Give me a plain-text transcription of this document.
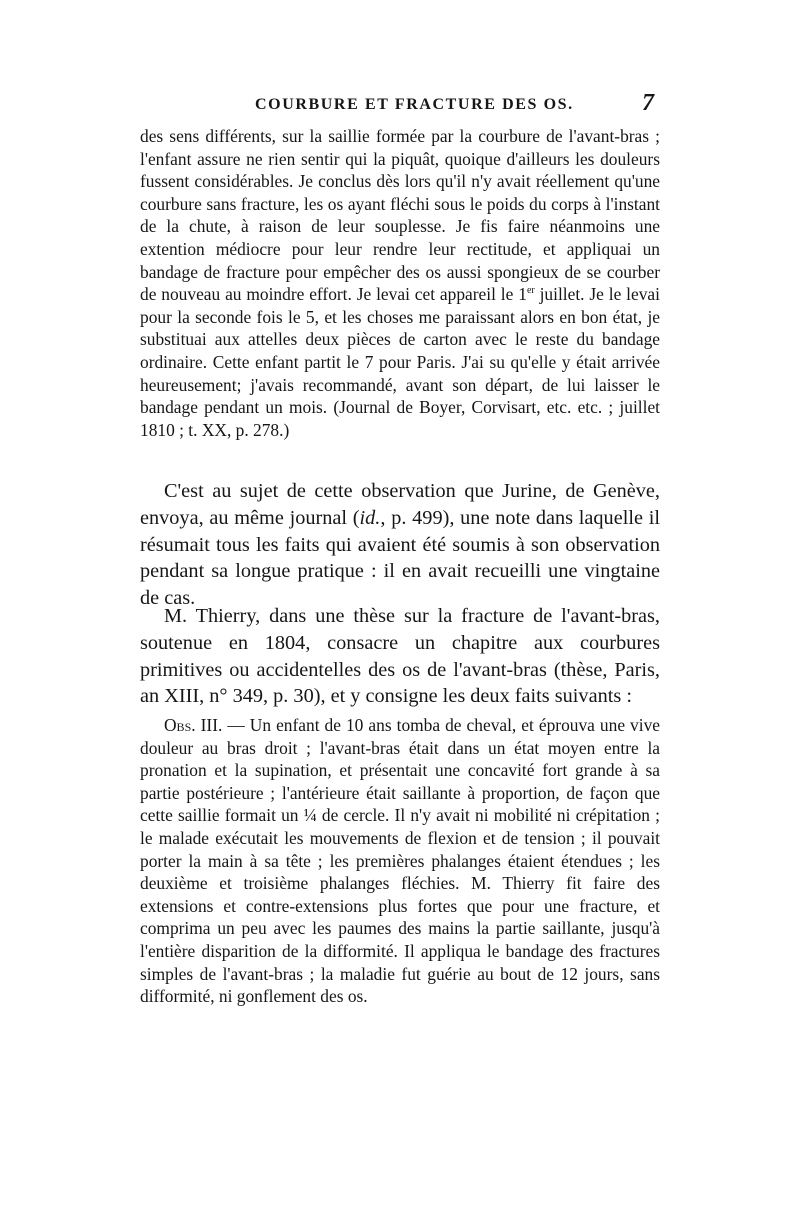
COURBURE ET FRACTURE DES OS.	7

des sens différents, sur la saillie formée par la courbure de l'avant-bras ; l'enfant assure ne rien sentir qui la piquât, quoique d'ailleurs les douleurs fussent considérables. Je conclus dès lors qu'il n'y avait réellement qu'une courbure sans fracture, les os ayant fléchi sous le poids du corps à l'instant de la chute, à raison de leur souplesse. Je fis faire néanmoins une extention médiocre pour leur rendre leur rectitude, et appliquai un bandage de fracture pour empêcher des os aussi spongieux de se courber de nouveau au moindre effort. Je levai cet appareil le 1er juillet. Je le levai pour la seconde fois le 5, et les choses me paraissant alors en bon état, je substituai aux attelles deux pièces de carton avec le reste du bandage ordinaire. Cette enfant partit le 7 pour Paris. J'ai su qu'elle y était arrivée heureusement; j'avais recommandé, avant son départ, de lui laisser le bandage pendant un mois. (Journal de Boyer, Corvisart, etc. etc. ; juillet 1810 ; t. XX, p. 278.)

C'est au sujet de cette observation que Jurine, de Genève, envoya, au même journal (id., p. 499), une note dans laquelle il résumait tous les faits qui avaient été soumis à son observation pendant sa longue pratique : il en avait recueilli une vingtaine de cas.

M. Thierry, dans une thèse sur la fracture de l'avant-bras, soutenue en 1804, consacre un chapitre aux courbures primitives ou accidentelles des os de l'avant-bras (thèse, Paris, an XIII, n° 349, p. 30), et y consigne les deux faits suivants :

Obs. III. — Un enfant de 10 ans tomba de cheval, et éprouva une vive douleur au bras droit ; l'avant-bras était dans un état moyen entre la pronation et la supination, et présentait une concavité fort grande à sa partie postérieure ; l'antérieure était saillante à proportion, de façon que cette saillie formait un ¼ de cercle. Il n'y avait ni mobilité ni crépitation ; le malade exécutait les mouvements de flexion et de tension ; il pouvait porter la main à sa tête ; les premières phalanges étaient étendues ; les deuxième et troisième phalanges fléchies. M. Thierry fit faire des extensions et contre-extensions plus fortes que pour une fracture, et comprima un peu avec les paumes des mains la partie saillante, jusqu'à l'entière disparition de la difformité. Il appliqua le bandage des fractures simples de l'avant-bras ; la maladie fut guérie au bout de 12 jours, sans difformité, ni gonflement des os.
